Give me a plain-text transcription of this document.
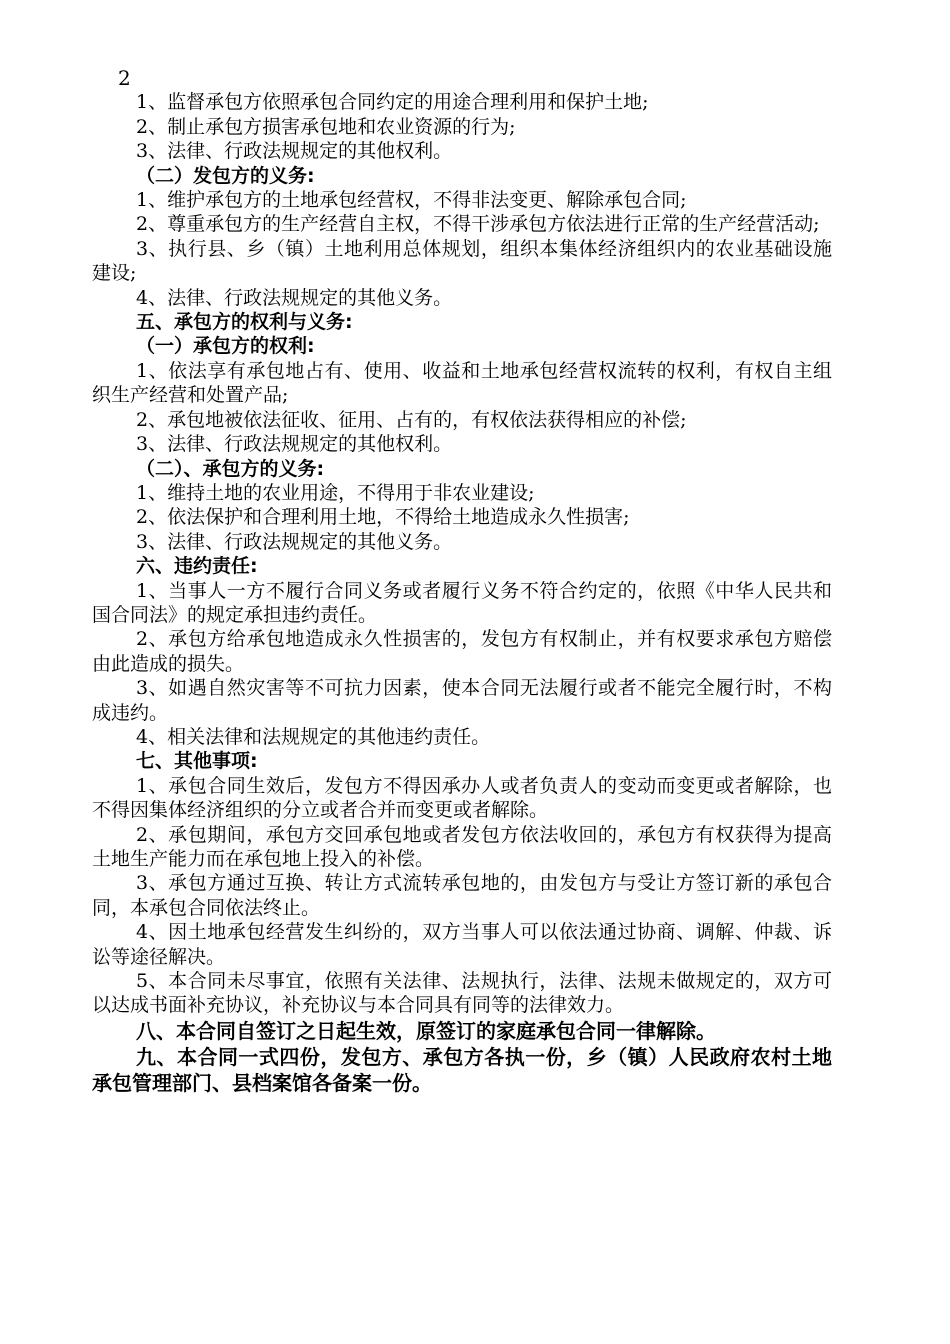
2

1、监督承包方依照承包合同约定的用途合理利用和保护土地;

2、制止承包方损害承包地和农业资源的行为;

3、法律、行政法规规定的其他权利。

（二）发包方的义务:

1、维护承包方的土地承包经营权，不得非法变更、解除承包合同;

2、尊重承包方的生产经营自主权，不得干涉承包方依法进行正常的生产经营活动;

3、执行县、乡（镇）土地利用总体规划，组织本集体经济组织内的农业基础设施建设;

4、法律、行政法规规定的其他义务。

五、承包方的权利与义务:

（一）承包方的权利:

1、依法享有承包地占有、使用、收益和土地承包经营权流转的权利，有权自主组织生产经营和处置产品;

2、承包地被依法征收、征用、占有的，有权依法获得相应的补偿;

3、法律、行政法规规定的其他权利。

（二）、承包方的义务:

1、维持土地的农业用途，不得用于非农业建设;

2、依法保护和合理利用土地，不得给土地造成永久性损害;

3、法律、行政法规规定的其他义务。

六、违约责任:

1、当事人一方不履行合同义务或者履行义务不符合约定的，依照《中华人民共和国合同法》的规定承担违约责任。

2、承包方给承包地造成永久性损害的，发包方有权制止，并有权要求承包方赔偿由此造成的损失。

3、如遇自然灾害等不可抗力因素，使本合同无法履行或者不能完全履行时，不构成违约。

4、相关法律和法规规定的其他违约责任。

七、其他事项:

1、承包合同生效后，发包方不得因承办人或者负责人的变动而变更或者解除，也不得因集体经济组织的分立或者合并而变更或者解除。

2、承包期间，承包方交回承包地或者发包方依法收回的，承包方有权获得为提高土地生产能力而在承包地上投入的补偿。

3、承包方通过互换、转让方式流转承包地的，由发包方与受让方签订新的承包合同，本承包合同依法终止。

4、因土地承包经营发生纠纷的，双方当事人可以依法通过协商、调解、仲裁、诉讼等途径解决。

5、本合同未尽事宜，依照有关法律、法规执行，法律、法规未做规定的，双方可以达成书面补充协议，补充协议与本合同具有同等的法律效力。

八、本合同自签订之日起生效，原签订的家庭承包合同一律解除。

九、本合同一式四份，发包方、承包方各执一份，乡（镇）人民政府农村土地承包管理部门、县档案馆各备案一份。
